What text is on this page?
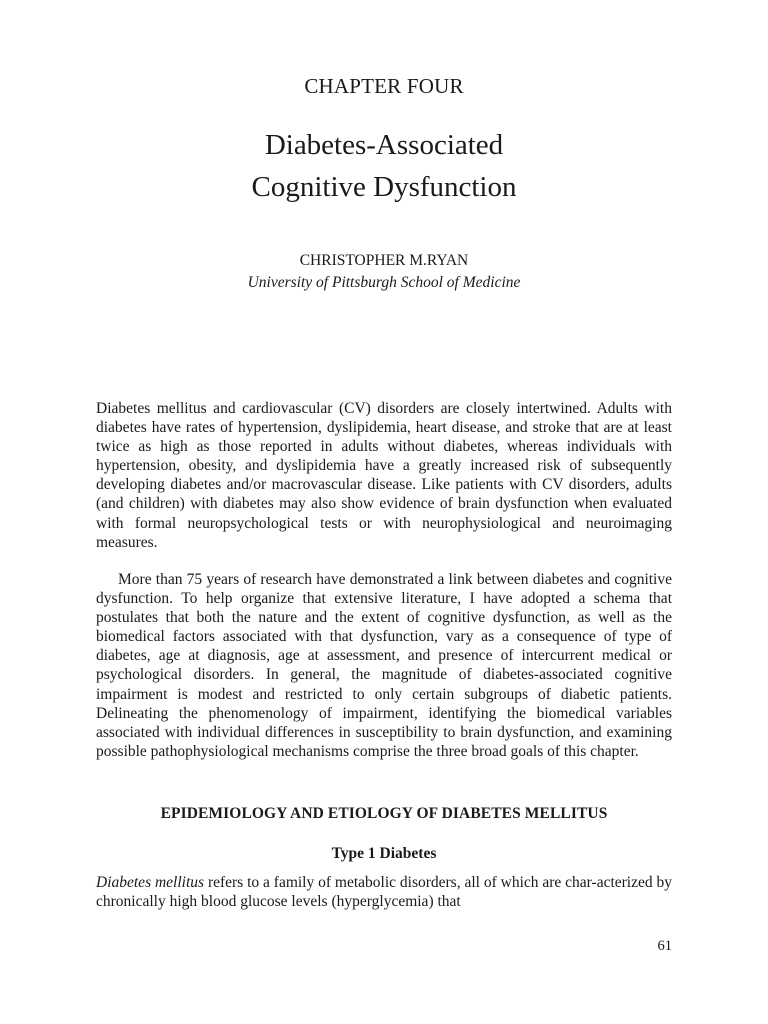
CHAPTER FOUR
Diabetes-Associated
Cognitive Dysfunction
CHRISTOPHER M.RYAN
University of Pittsburgh School of Medicine

Diabetes mellitus and cardiovascular (CV) disorders are closely intertwined. Adults with diabetes have rates of hypertension, dyslipidemia, heart disease, and stroke that are at least twice as high as those reported in adults without diabetes, whereas individuals with hypertension, obesity, and dyslipidemia have a greatly increased risk of subsequently developing diabetes and/or macrovascular disease. Like patients with CV disorders, adults (and children) with diabetes may also show evidence of brain dysfunction when evaluated with formal neuropsychological tests or with neurophysiological and neuroimaging measures.

More than 75 years of research have demonstrated a link between diabetes and cognitive dysfunction. To help organize that extensive literature, I have adopted a schema that postulates that both the nature and the extent of cognitive dysfunction, as well as the biomedical factors associated with that dysfunction, vary as a consequence of type of diabetes, age at diagnosis, age at assessment, and presence of intercurrent medical or psychological disorders. In general, the magnitude of diabetes-associated cognitive impairment is modest and restricted to only certain subgroups of diabetic patients. Delineating the phenomenology of impairment, identifying the biomedical variables associated with individual differences in susceptibility to brain dysfunction, and examining possible pathophysiological mechanisms comprise the three broad goals of this chapter.

EPIDEMIOLOGY AND ETIOLOGY OF DIABETES MELLITUS
Type 1 Diabetes

Diabetes mellitus refers to a family of metabolic disorders, all of which are char-acterized by chronically high blood glucose levels (hyperglycemia) that

61
